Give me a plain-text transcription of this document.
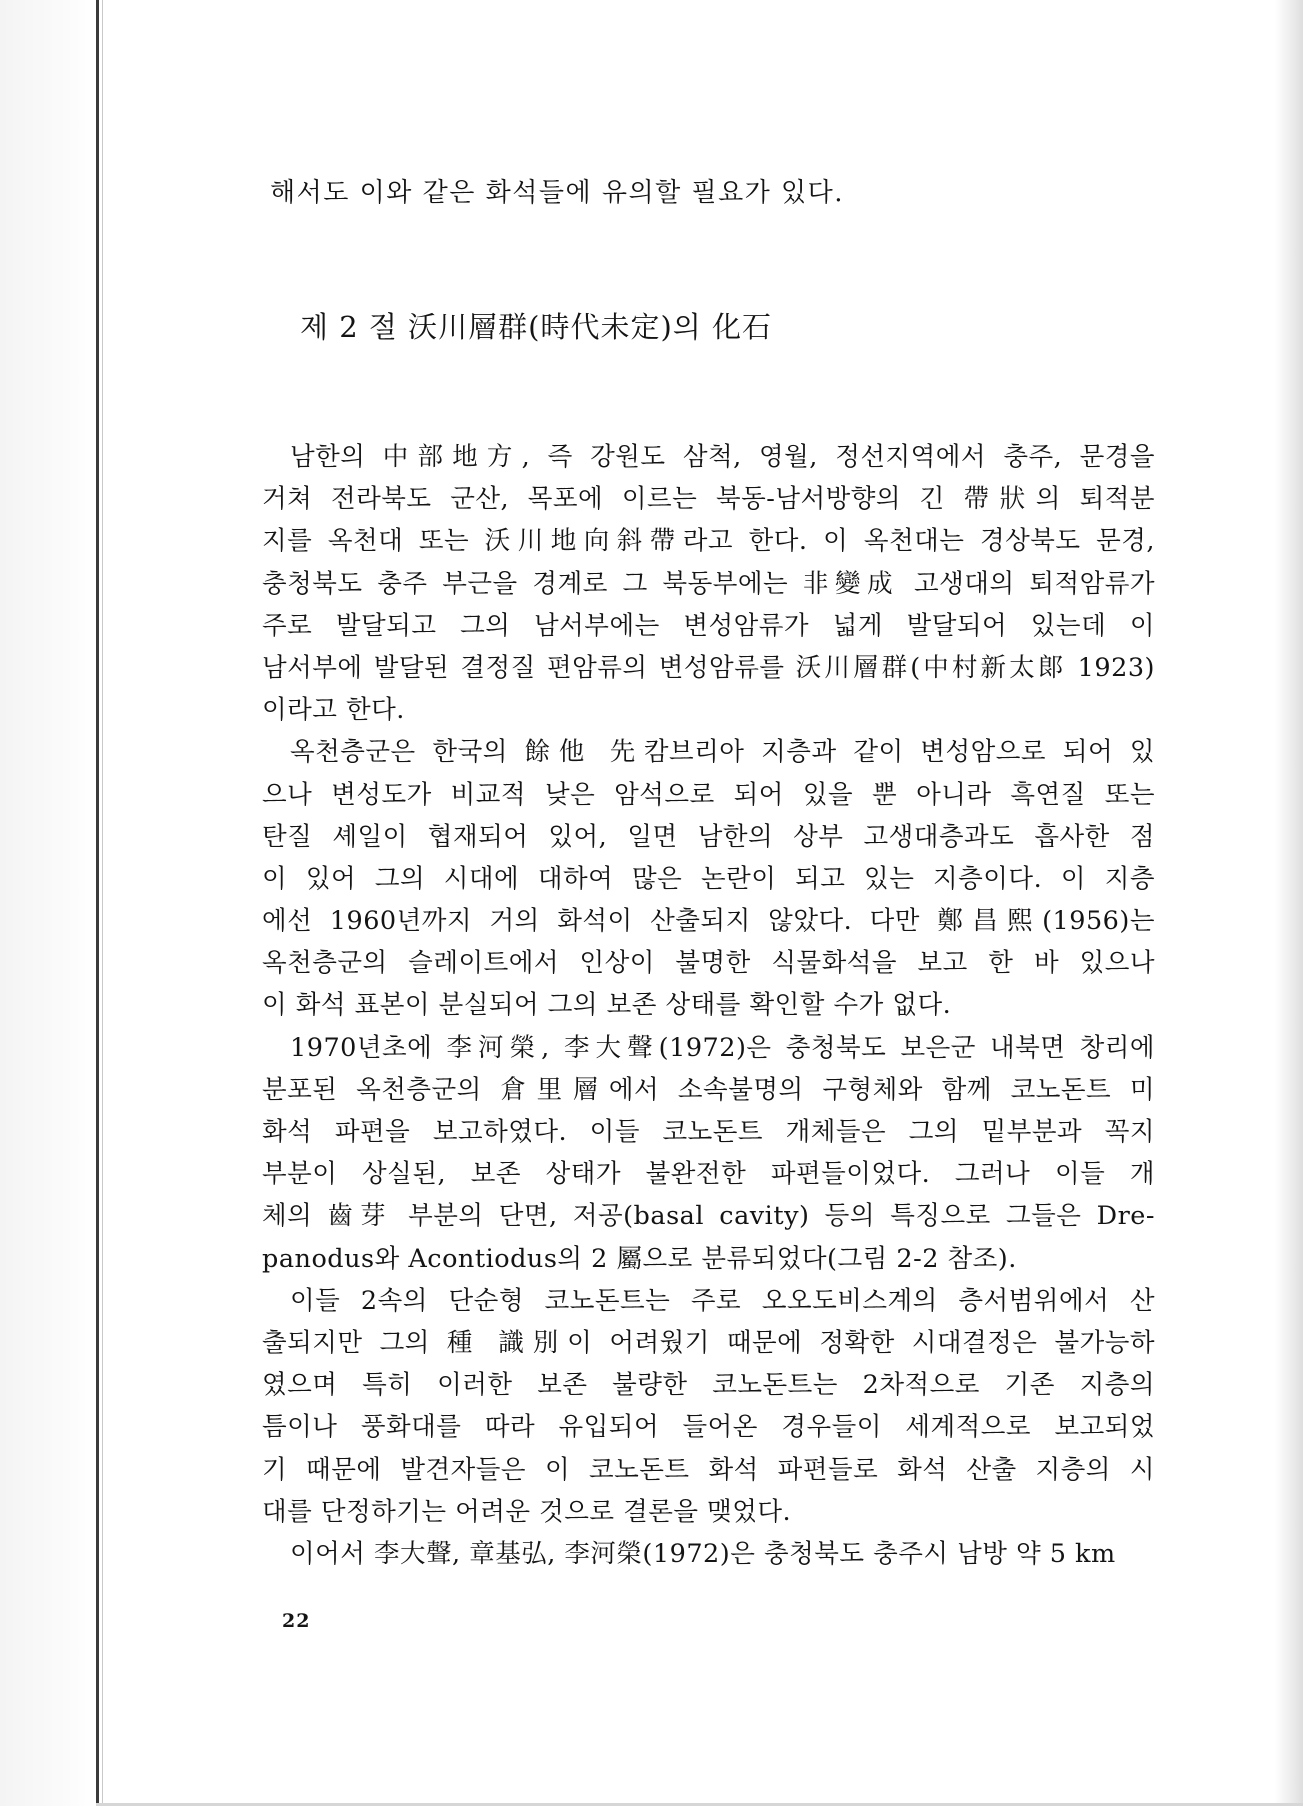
해서도 이와 같은 화석들에 유의할 필요가 있다.
제 2 절 沃川層群(時代未定)의 化石
남한의 中部地方, 즉 강원도 삼척, 영월, 정선지역에서 충주, 문경을
거쳐 전라북도 군산, 목포에 이르는 북동-남서방향의 긴 帶狀의 퇴적분
지를 옥천대 또는 沃川地向斜帶라고 한다. 이 옥천대는 경상북도 문경,
충청북도 충주 부근을 경계로 그 북동부에는 非變成 고생대의 퇴적암류가
주로 발달되고 그의 남서부에는 변성암류가 넓게 발달되어 있는데 이
남서부에 발달된 결정질 편암류의 변성암류를 沃川層群(中村新太郞 1923)
이라고 한다.
옥천층군은 한국의 餘他 先캄브리아 지층과 같이 변성암으로 되어 있
으나 변성도가 비교적 낮은 암석으로 되어 있을 뿐 아니라 흑연질 또는
탄질 셰일이 협재되어 있어, 일면 남한의 상부 고생대층과도 흡사한 점
이 있어 그의 시대에 대하여 많은 논란이 되고 있는 지층이다. 이 지층
에선 1960년까지 거의 화석이 산출되지 않았다. 다만 鄭昌熙(1956)는
옥천층군의 슬레이트에서 인상이 불명한 식물화석을 보고 한 바 있으나
이 화석 표본이 분실되어 그의 보존 상태를 확인할 수가 없다.
1970년초에 李河榮, 李大聲(1972)은 충청북도 보은군 내북면 창리에
분포된 옥천층군의 倉里層에서 소속불명의 구형체와 함께 코노돈트 미
화석 파편을 보고하였다. 이들 코노돈트 개체들은 그의 밑부분과 꼭지
부분이 상실된, 보존 상태가 불완전한 파편들이었다. 그러나 이들 개
체의 齒芽 부분의 단면, 저공(basal cavity) 등의 특징으로 그들은 Dre-
panodus와 Acontiodus의 2 屬으로 분류되었다(그림 2-2 참조).
이들 2속의 단순형 코노돈트는 주로 오오도비스계의 층서범위에서 산
출되지만 그의 種 識別이 어려웠기 때문에 정확한 시대결정은 불가능하
였으며 특히 이러한 보존 불량한 코노돈트는 2차적으로 기존 지층의
틈이나 풍화대를 따라 유입되어 들어온 경우들이 세계적으로 보고되었
기 때문에 발견자들은 이 코노돈트 화석 파편들로 화석 산출 지층의 시
대를 단정하기는 어려운 것으로 결론을 맺었다.
이어서 李大聲, 章基弘, 李河榮(1972)은 충청북도 충주시 남방 약 5 km
22
